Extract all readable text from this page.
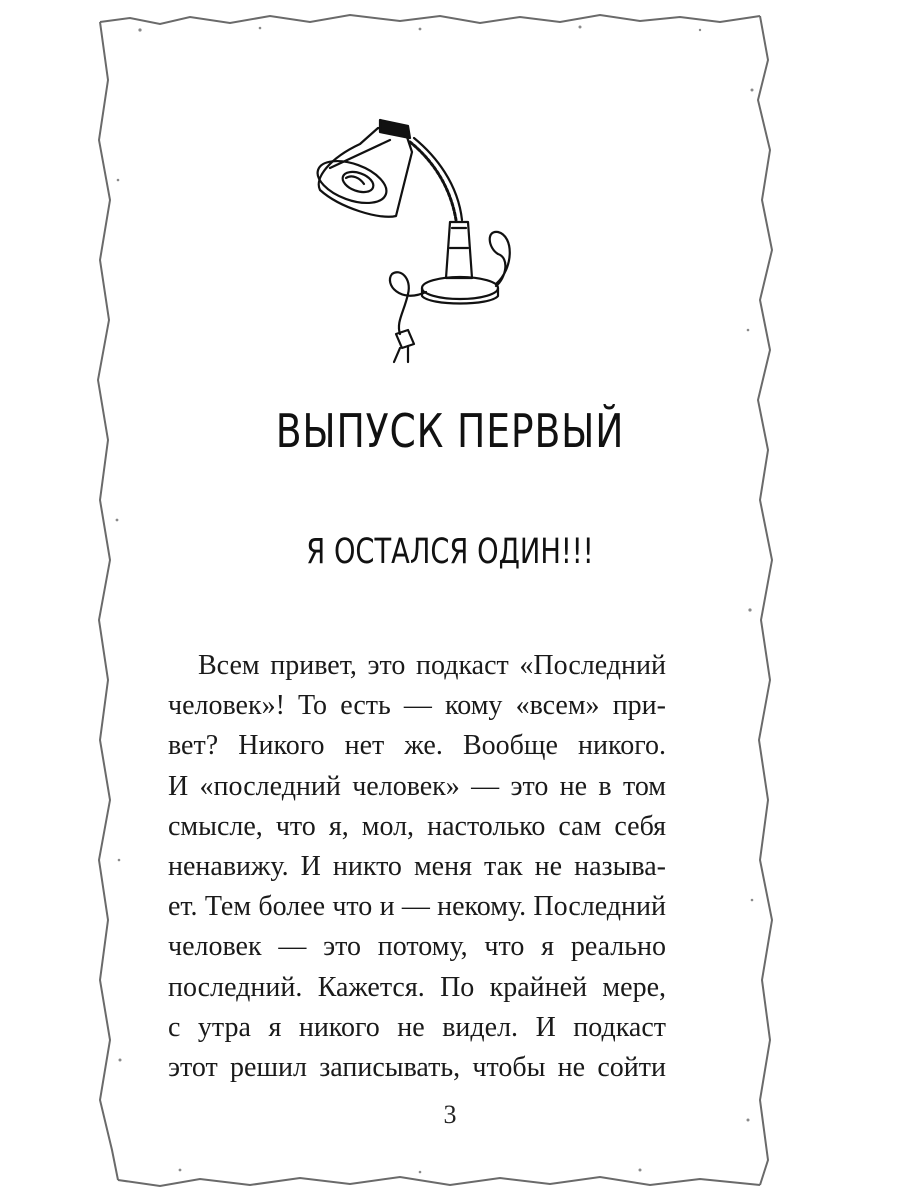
ВЫПУСК ПЕРВЫЙ
Я ОСТАЛСЯ ОДИН!!!
Всем привет, это подкаст «Последний
человек»! То есть — кому «всем» при-
вет? Никого нет же. Вообще никого.
И «последний человек» — это не в том
смысле, что я, мол, настолько сам себя
ненавижу. И никто меня так не называ-
ет. Тем более что и — некому. Последний
человек — это потому, что я реально
последний. Кажется. По крайней мере,
с утра я никого не видел. И подкаст
этот решил записывать, чтобы не сойти
3
